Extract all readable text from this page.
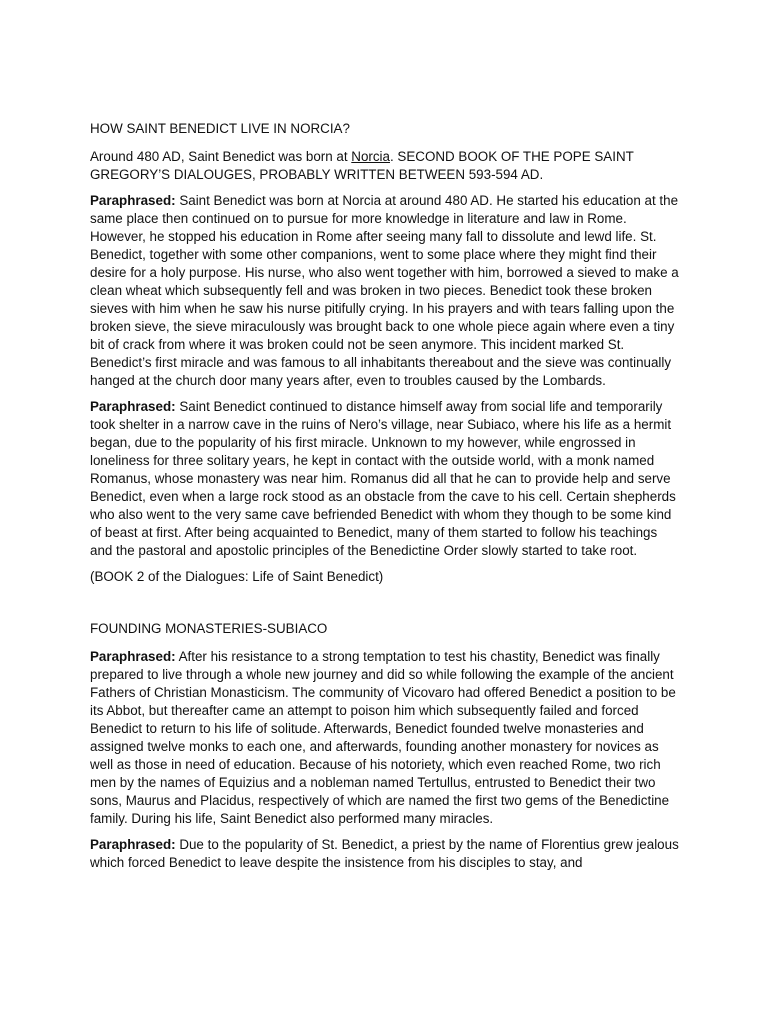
HOW SAINT BENEDICT LIVE IN NORCIA?

Around 480 AD, Saint Benedict was born at Norcia. SECOND BOOK OF THE POPE SAINT GREGORY’S DIALOUGES, PROBABLY WRITTEN BETWEEN 593-594 AD.

Paraphrased: Saint Benedict was born at Norcia at around 480 AD. He started his education at the same place then continued on to pursue for more knowledge in literature and law in Rome. However, he stopped his education in Rome after seeing many fall to dissolute and lewd life. St. Benedict, together with some other companions, went to some place where they might find their desire for a holy purpose. His nurse, who also went together with him, borrowed a sieved to make a clean wheat which subsequently fell and was broken in two pieces. Benedict took these broken sieves with him when he saw his nurse pitifully crying. In his prayers and with tears falling upon the broken sieve, the sieve miraculously was brought back to one whole piece again where even a tiny bit of crack from where it was broken could not be seen anymore. This incident marked St. Benedict’s first miracle and was famous to all inhabitants thereabout and the sieve was continually hanged at the church door many years after, even to troubles caused by the Lombards.

Paraphrased: Saint Benedict continued to distance himself away from social life and temporarily took shelter in a narrow cave in the ruins of Nero’s village, near Subiaco, where his life as a hermit began, due to the popularity of his first miracle. Unknown to my however, while engrossed in loneliness for three solitary years, he kept in contact with the outside world, with a monk named Romanus, whose monastery was near him. Romanus did all that he can to provide help and serve Benedict, even when a large rock stood as an obstacle from the cave to his cell. Certain shepherds who also went to the very same cave befriended Benedict with whom they though to be some kind of beast at first. After being acquainted to Benedict, many of them started to follow his teachings and the pastoral and apostolic principles of the Benedictine Order slowly started to take root.

(BOOK 2 of the Dialogues: Life of Saint Benedict)

FOUNDING MONASTERIES-SUBIACO

Paraphrased: After his resistance to a strong temptation to test his chastity, Benedict was finally prepared to live through a whole new journey and did so while following the example of the ancient Fathers of Christian Monasticism. The community of Vicovaro had offered Benedict a position to be its Abbot, but thereafter came an attempt to poison him which subsequently failed and forced Benedict to return to his life of solitude. Afterwards, Benedict founded twelve monasteries and assigned twelve monks to each one, and afterwards, founding another monastery for novices as well as those in need of education. Because of his notoriety, which even reached Rome, two rich men by the names of Equizius and a nobleman named Tertullus, entrusted to Benedict their two sons, Maurus and Placidus, respectively of which are named the first two gems of the Benedictine family. During his life, Saint Benedict also performed many miracles.

Paraphrased: Due to the popularity of St. Benedict, a priest by the name of Florentius grew jealous which forced Benedict to leave despite the insistence from his disciples to stay, and
